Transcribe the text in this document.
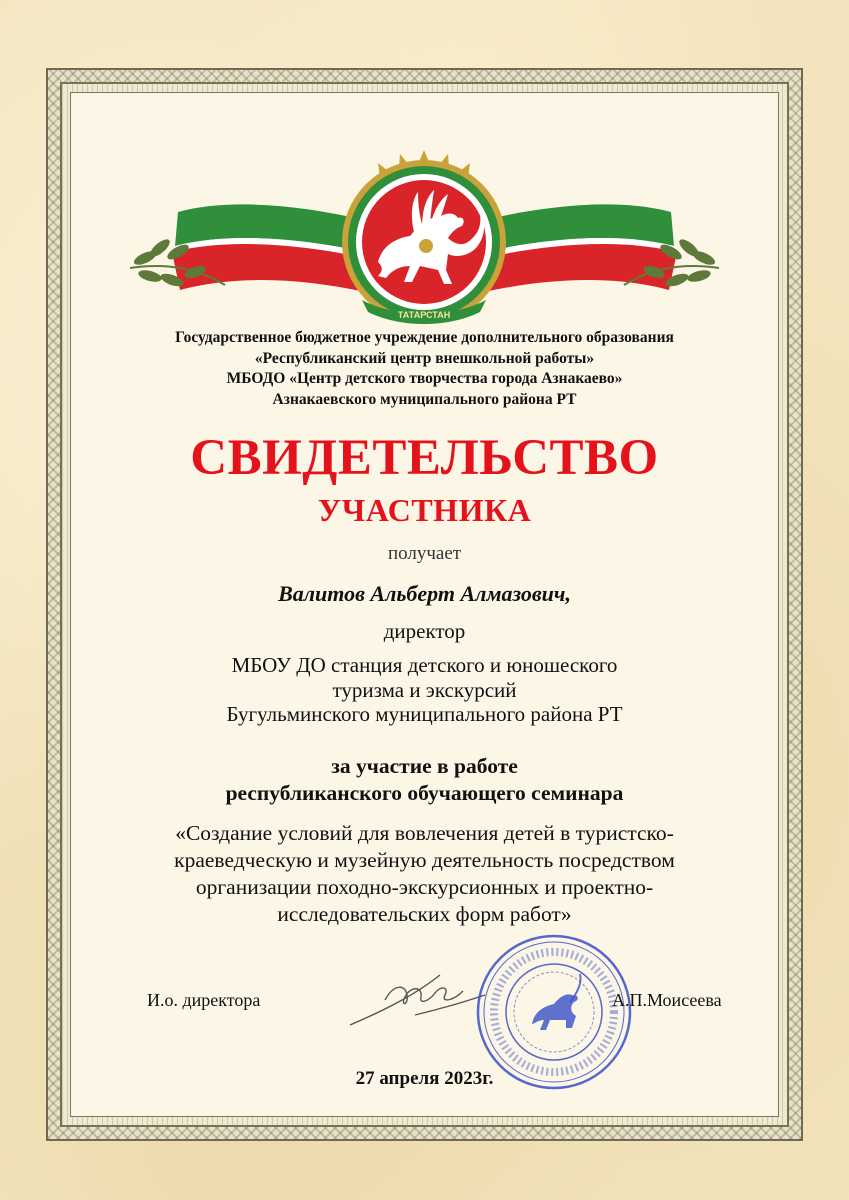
ТАТАРСТАН
Государственное бюджетное учреждение дополнительного образования
«Республиканский центр внешкольной работы»
МБОДО «Центр детского творчества города Азнакаево»
Азнакаевского муниципального района РТ
СВИДЕТЕЛЬСТВО
УЧАСТНИКА
получает
Валитов Альберт Алмазович,
директор
МБОУ ДО станция детского и юношеского
туризма и экскурсий
Бугульминского муниципального района РТ
за участие в работе
республиканского обучающего семинара
«Создание условий для вовлечения детей в туристско-
краеведческую и музейную деятельность посредством
организации походно-экскурсионных и проектно-
исследовательских форм работ»
И.о. директора	А.П.Моисеева
27 апреля 2023г.
